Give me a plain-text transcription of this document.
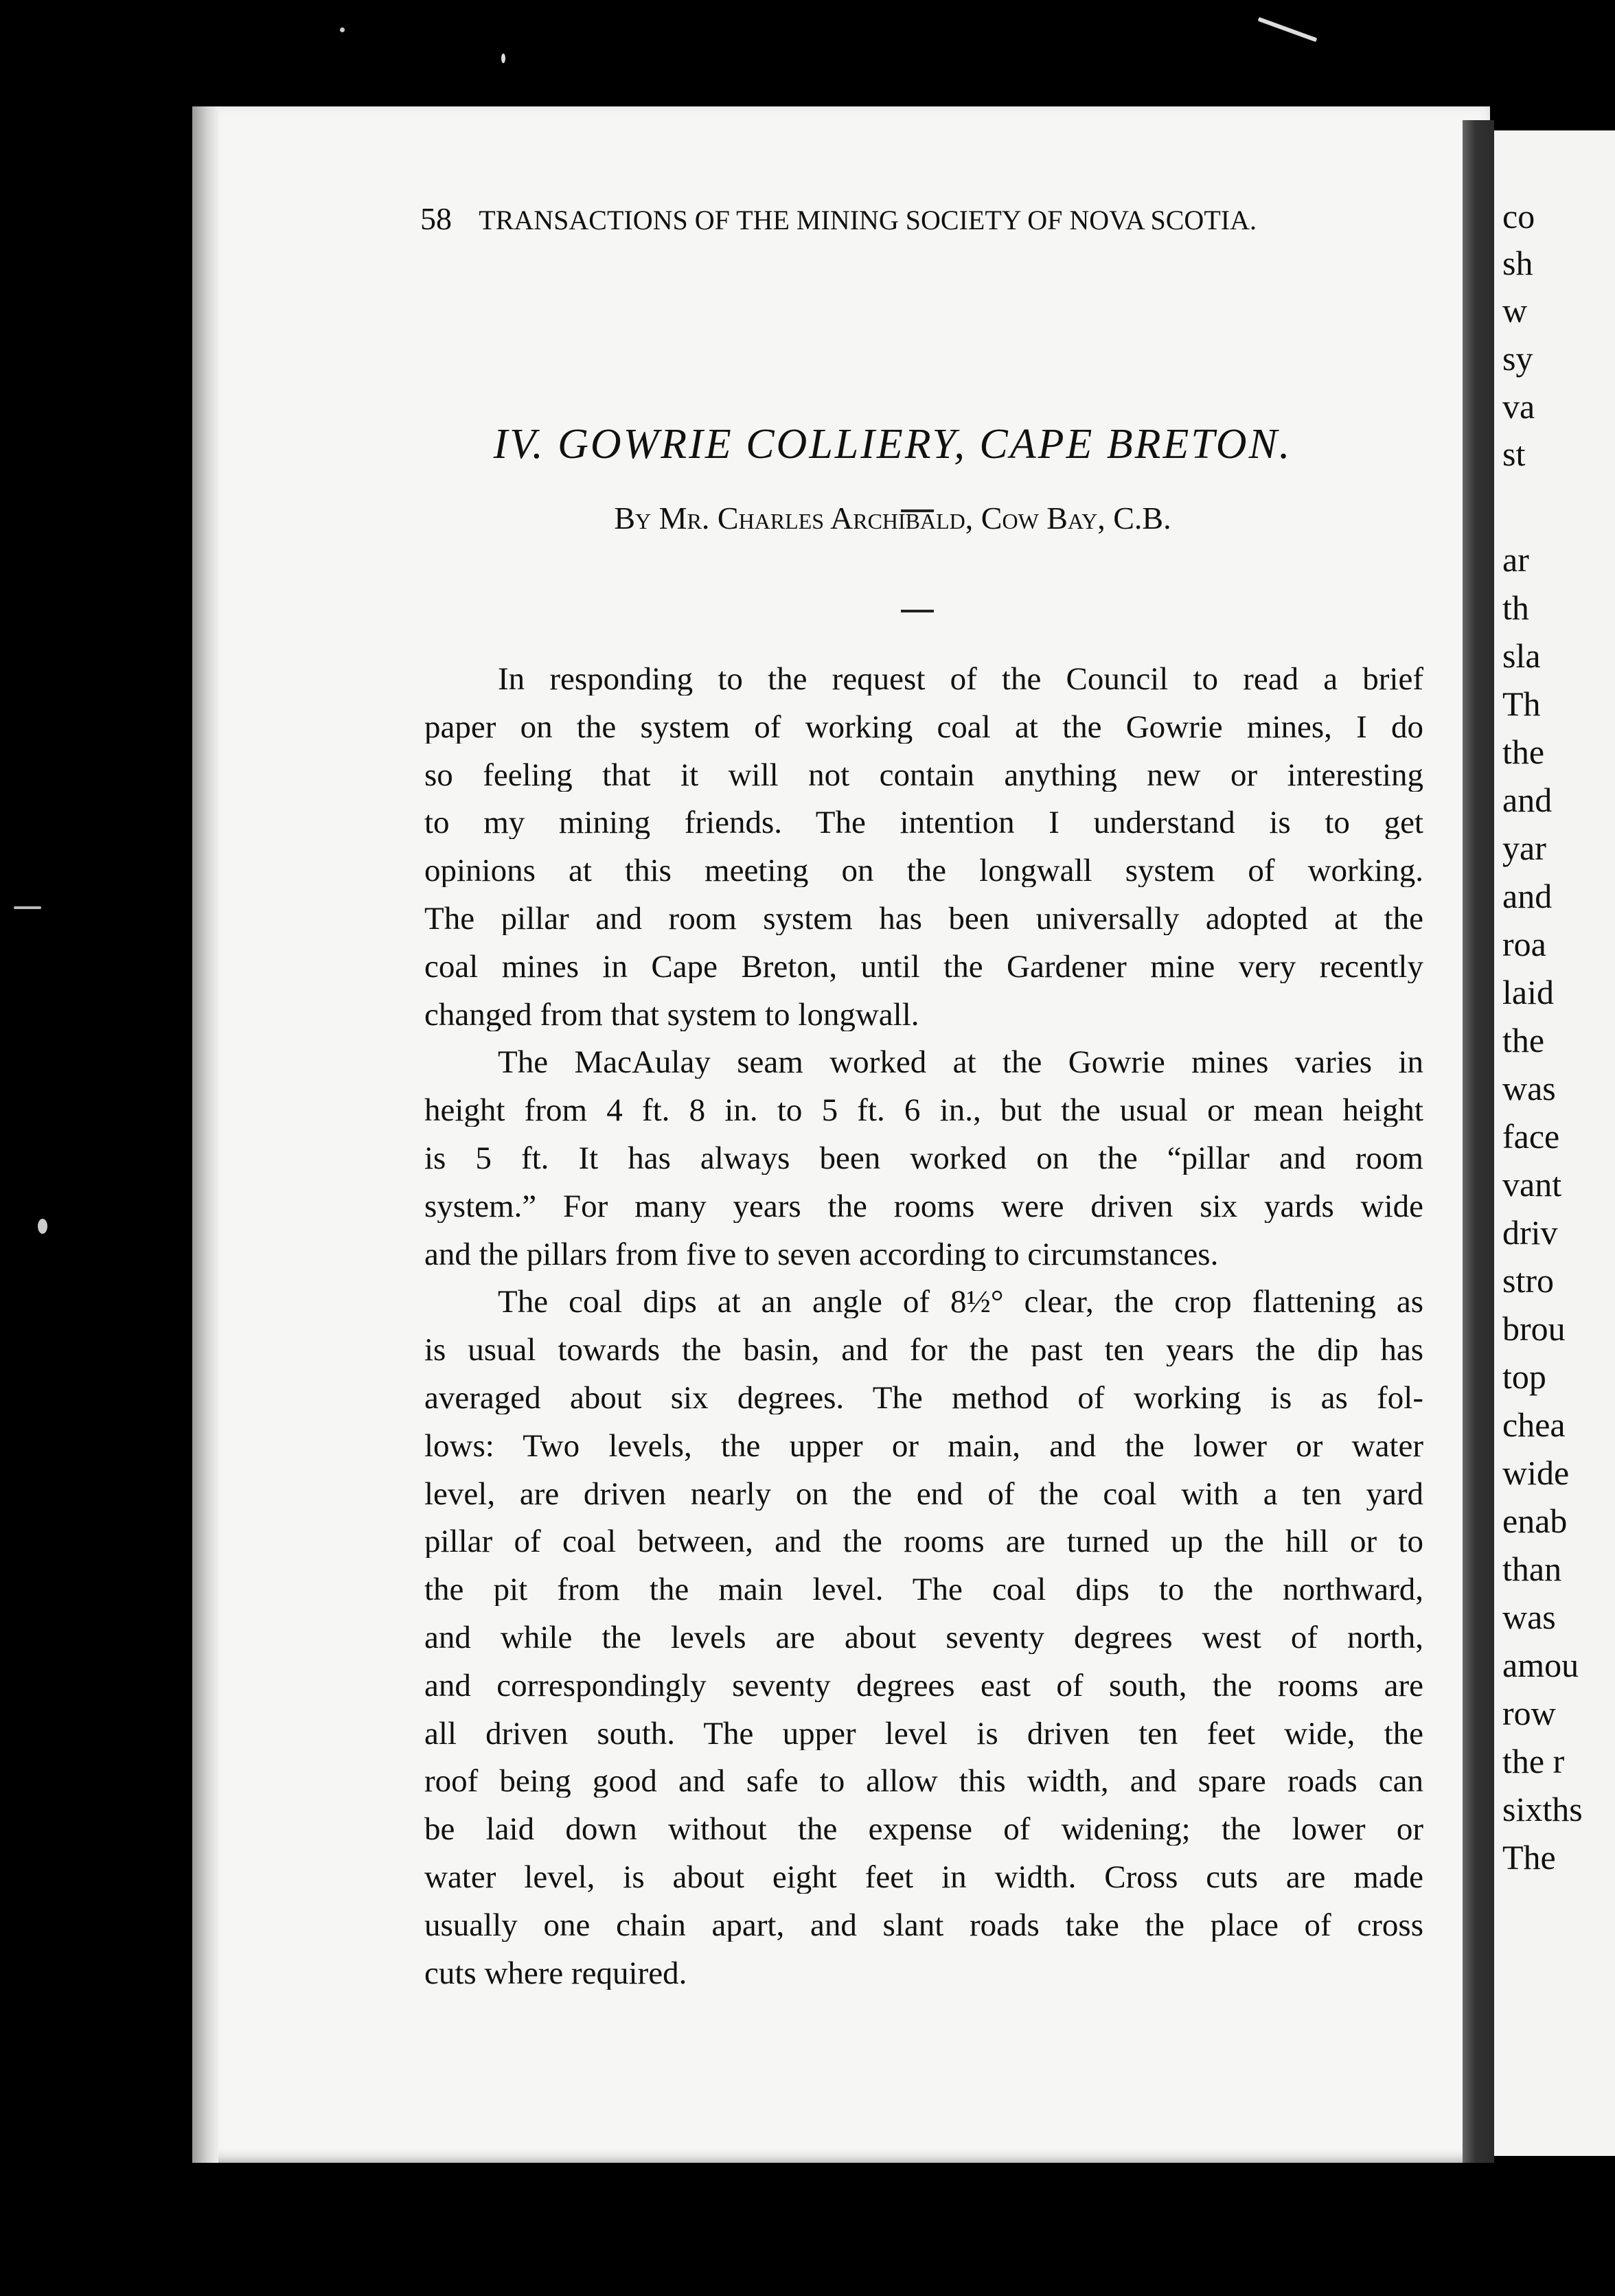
co
sh
w
sy
va
st
ar
th
sla
Th
the
and
yar
and
roa
laid
the
was
face
vant
driv
stro
brou
top
chea
wide
enab
than
was
amou
row
the r
sixths
The
58 TRANSACTIONS OF THE MINING SOCIETY OF NOVA SCOTIA.
IV. GOWRIE COLLIERY, CAPE BRETON.
By Mr. Charles Archibald, Cow Bay, C.B.
In responding to the request of the Council to read a brief
paper on the system of working coal at the Gowrie mines, I do
so feeling that it will not contain anything new or interesting
to my mining friends. The intention I understand is to get
opinions at this meeting on the longwall system of working.
The pillar and room system has been universally adopted at the
coal mines in Cape Breton, until the Gardener mine very recently
changed from that system to longwall.
The MacAulay seam worked at the Gowrie mines varies in
height from 4 ft. 8 in. to 5 ft. 6 in., but the usual or mean height
is 5 ft. It has always been worked on the “pillar and room
system.” For many years the rooms were driven six yards wide
and the pillars from five to seven according to circumstances.
The coal dips at an angle of 8½° clear, the crop flattening as
is usual towards the basin, and for the past ten years the dip has
averaged about six degrees. The method of working is as fol-
lows: Two levels, the upper or main, and the lower or water
level, are driven nearly on the end of the coal with a ten yard
pillar of coal between, and the rooms are turned up the hill or to
the pit from the main level. The coal dips to the northward,
and while the levels are about seventy degrees west of north,
and correspondingly seventy degrees east of south, the rooms are
all driven south. The upper level is driven ten feet wide, the
roof being good and safe to allow this width, and spare roads can
be laid down without the expense of widening; the lower or
water level, is about eight feet in width. Cross cuts are made
usually one chain apart, and slant roads take the place of cross
cuts where required.
